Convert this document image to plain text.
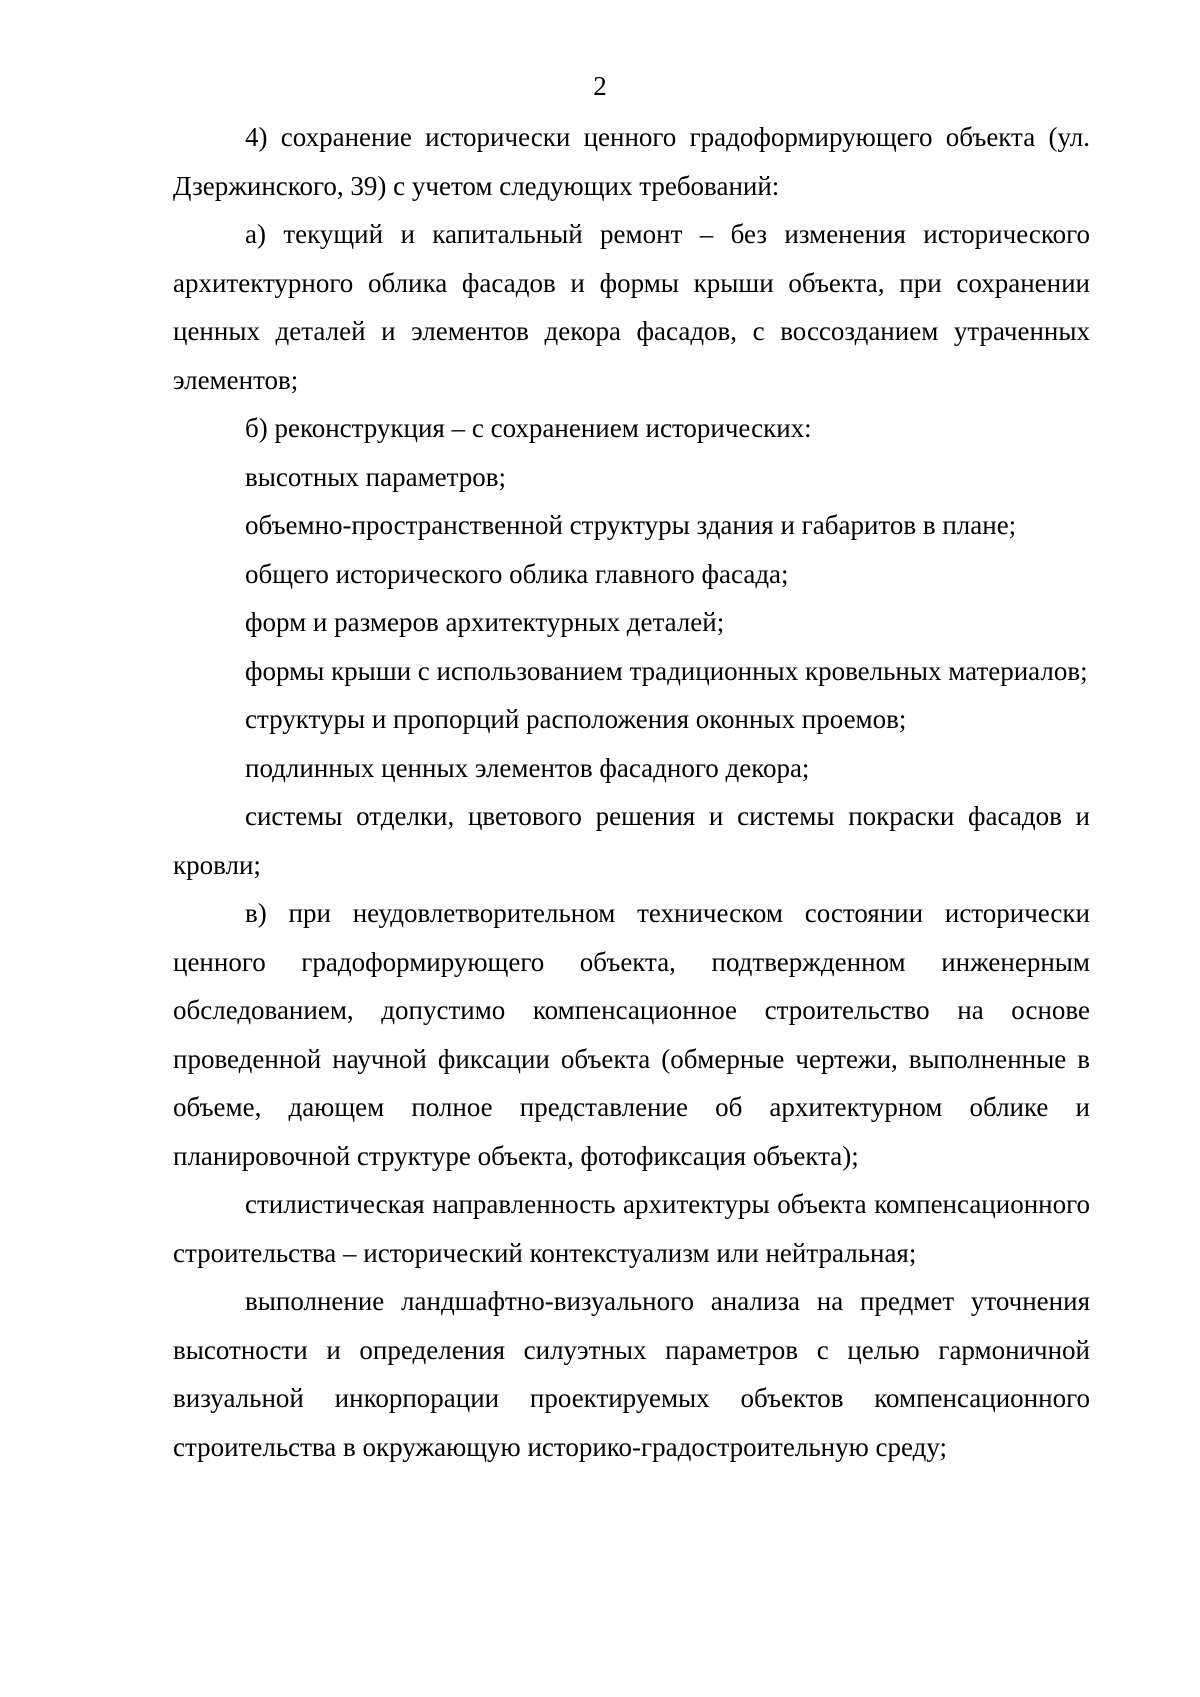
2

4) сохранение исторически ценного градоформирующего объекта (ул. Дзержинского, 39) с учетом следующих требований:

а) текущий и капитальный ремонт – без изменения исторического архитектурного облика фасадов и формы крыши объекта, при сохранении ценных деталей и элементов декора фасадов, с воссозданием утраченных элементов;

б) реконструкция – с сохранением исторических:

высотных параметров;

объемно-пространственной структуры здания и габаритов в плане;

общего исторического облика главного фасада;

форм и размеров архитектурных деталей;

формы крыши с использованием традиционных кровельных материалов;

структуры и пропорций расположения оконных проемов;

подлинных ценных элементов фасадного декора;

системы отделки, цветового решения и системы покраски фасадов и кровли;

в) при неудовлетворительном техническом состоянии исторически ценного градоформирующего объекта, подтвержденном инженерным обследованием, допустимо компенсационное строительство на основе проведенной научной фиксации объекта (обмерные чертежи, выполненные в объеме, дающем полное представление об архитектурном облике и планировочной структуре объекта, фотофиксация объекта);

стилистическая направленность архитектуры объекта компенсационного строительства – исторический контекстуализм или нейтральная;

выполнение ландшафтно-визуального анализа на предмет уточнения высотности и определения силуэтных параметров с целью гармоничной визуальной инкорпорации проектируемых объектов компенсационного строительства в окружающую историко-градостроительную среду;
